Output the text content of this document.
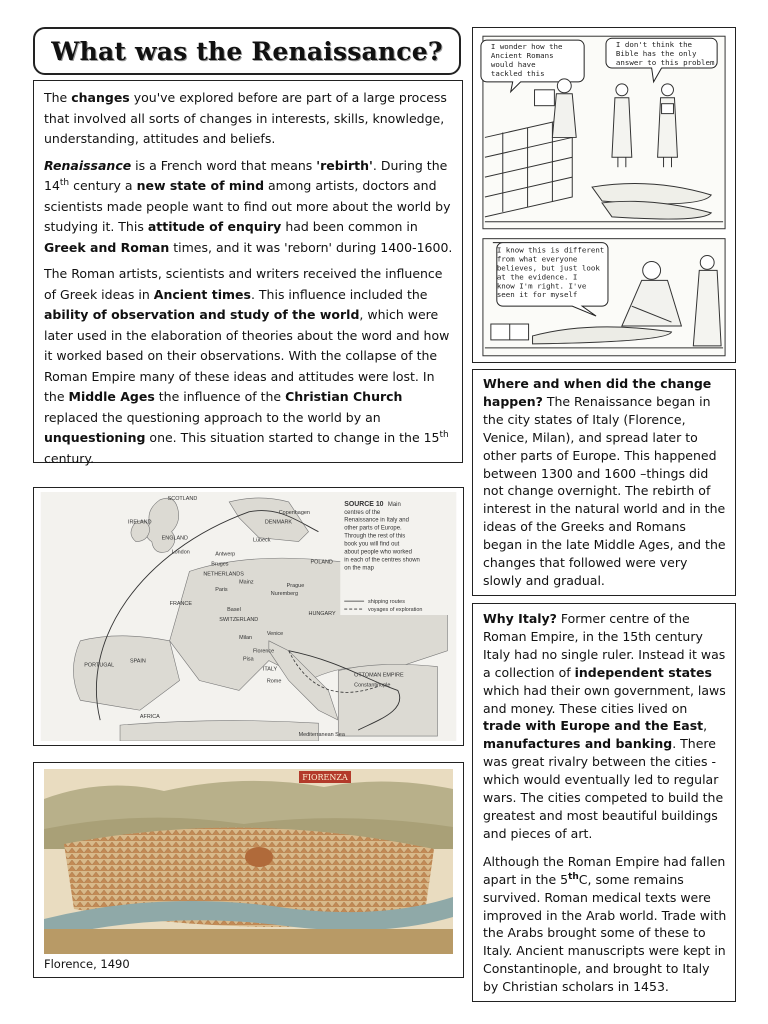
What was the Renaissance?

The changes you've explored before are part of a large process that involved all sorts of changes in interests, skills, knowledge, understanding, attitudes and beliefs.

Renaissance is a French word that means 'rebirth'. During the 14th century a new state of mind among artists, doctors and scientists made people want to find out more about the world by studying it. This attitude of enquiry had been common in Greek and Roman times, and it was 'reborn' during 1400-1600.

The Roman artists, scientists and writers received the influence of Greek ideas in Ancient times. This influence included the ability of observation and study of the world, which were later used in the elaboration of theories about the word and how it worked based on their observations. With the collapse of the Roman Empire many of these ideas and attitudes were lost. In the Middle Ages the influence of the Christian Church replaced the questioning approach to the world by an unquestioning one. This situation started to change in the 15th century.

I wonder how the Ancient Romans would have tackled this
I don't think the Bible has the only answer to this problem
I know this is different from what everyone believes, but just look at the evidence. I know I'm right. I've seen it for myself

Where and when did the change happen? The Renaissance began in the city states of Italy (Florence, Venice, Milan), and spread later to other parts of Europe. This happened between 1300 and 1600 –things did not change overnight. The rebirth of interest in the natural world and in the ideas of the Greeks and Romans began in the late Middle Ages, and the changes that followed were very slowly and gradual.

SOURCE 10 Main centres of the Renaissance in Italy and other parts of Europe. Through the rest of this book you will find out about people who worked in each of the centres shown on the map
shipping routes
voyages of exploration
SCOTLAND
IRELAND
ENGLAND
London	Antwerp
Bruges
NETHERLANDS
Paris
FRANCE
Copenhagen
DENMARK
Lübeck
Mainz
Prague
Nuremberg
POLAND
HUNGARY
Basel
SWITZERLAND
Milan
Venice
Florence
Pisa
ITALY
Rome
PORTUGAL
SPAIN
OTTOMAN EMPIRE
Constantinople
AFRICA
Mediterranean Sea
FIORENZA
Florence, 1490

Why Italy? Former centre of the Roman Empire, in the 15th century Italy had no single ruler. Instead it was a collection of independent states which had their own government, laws and money. These cities lived on trade with Europe and the East, manufactures and banking. There was great rivalry between the cities -which would eventually led to regular wars. The cities competed to build the greatest and most beautiful buildings and pieces of art.

Although the Roman Empire had fallen apart in the 5thC, some remains survived. Roman medical texts were improved in the Arab world. Trade with the Arabs brought some of these to Italy. Ancient manuscripts were kept in Constantinople, and brought to Italy by Christian scholars in 1453.
